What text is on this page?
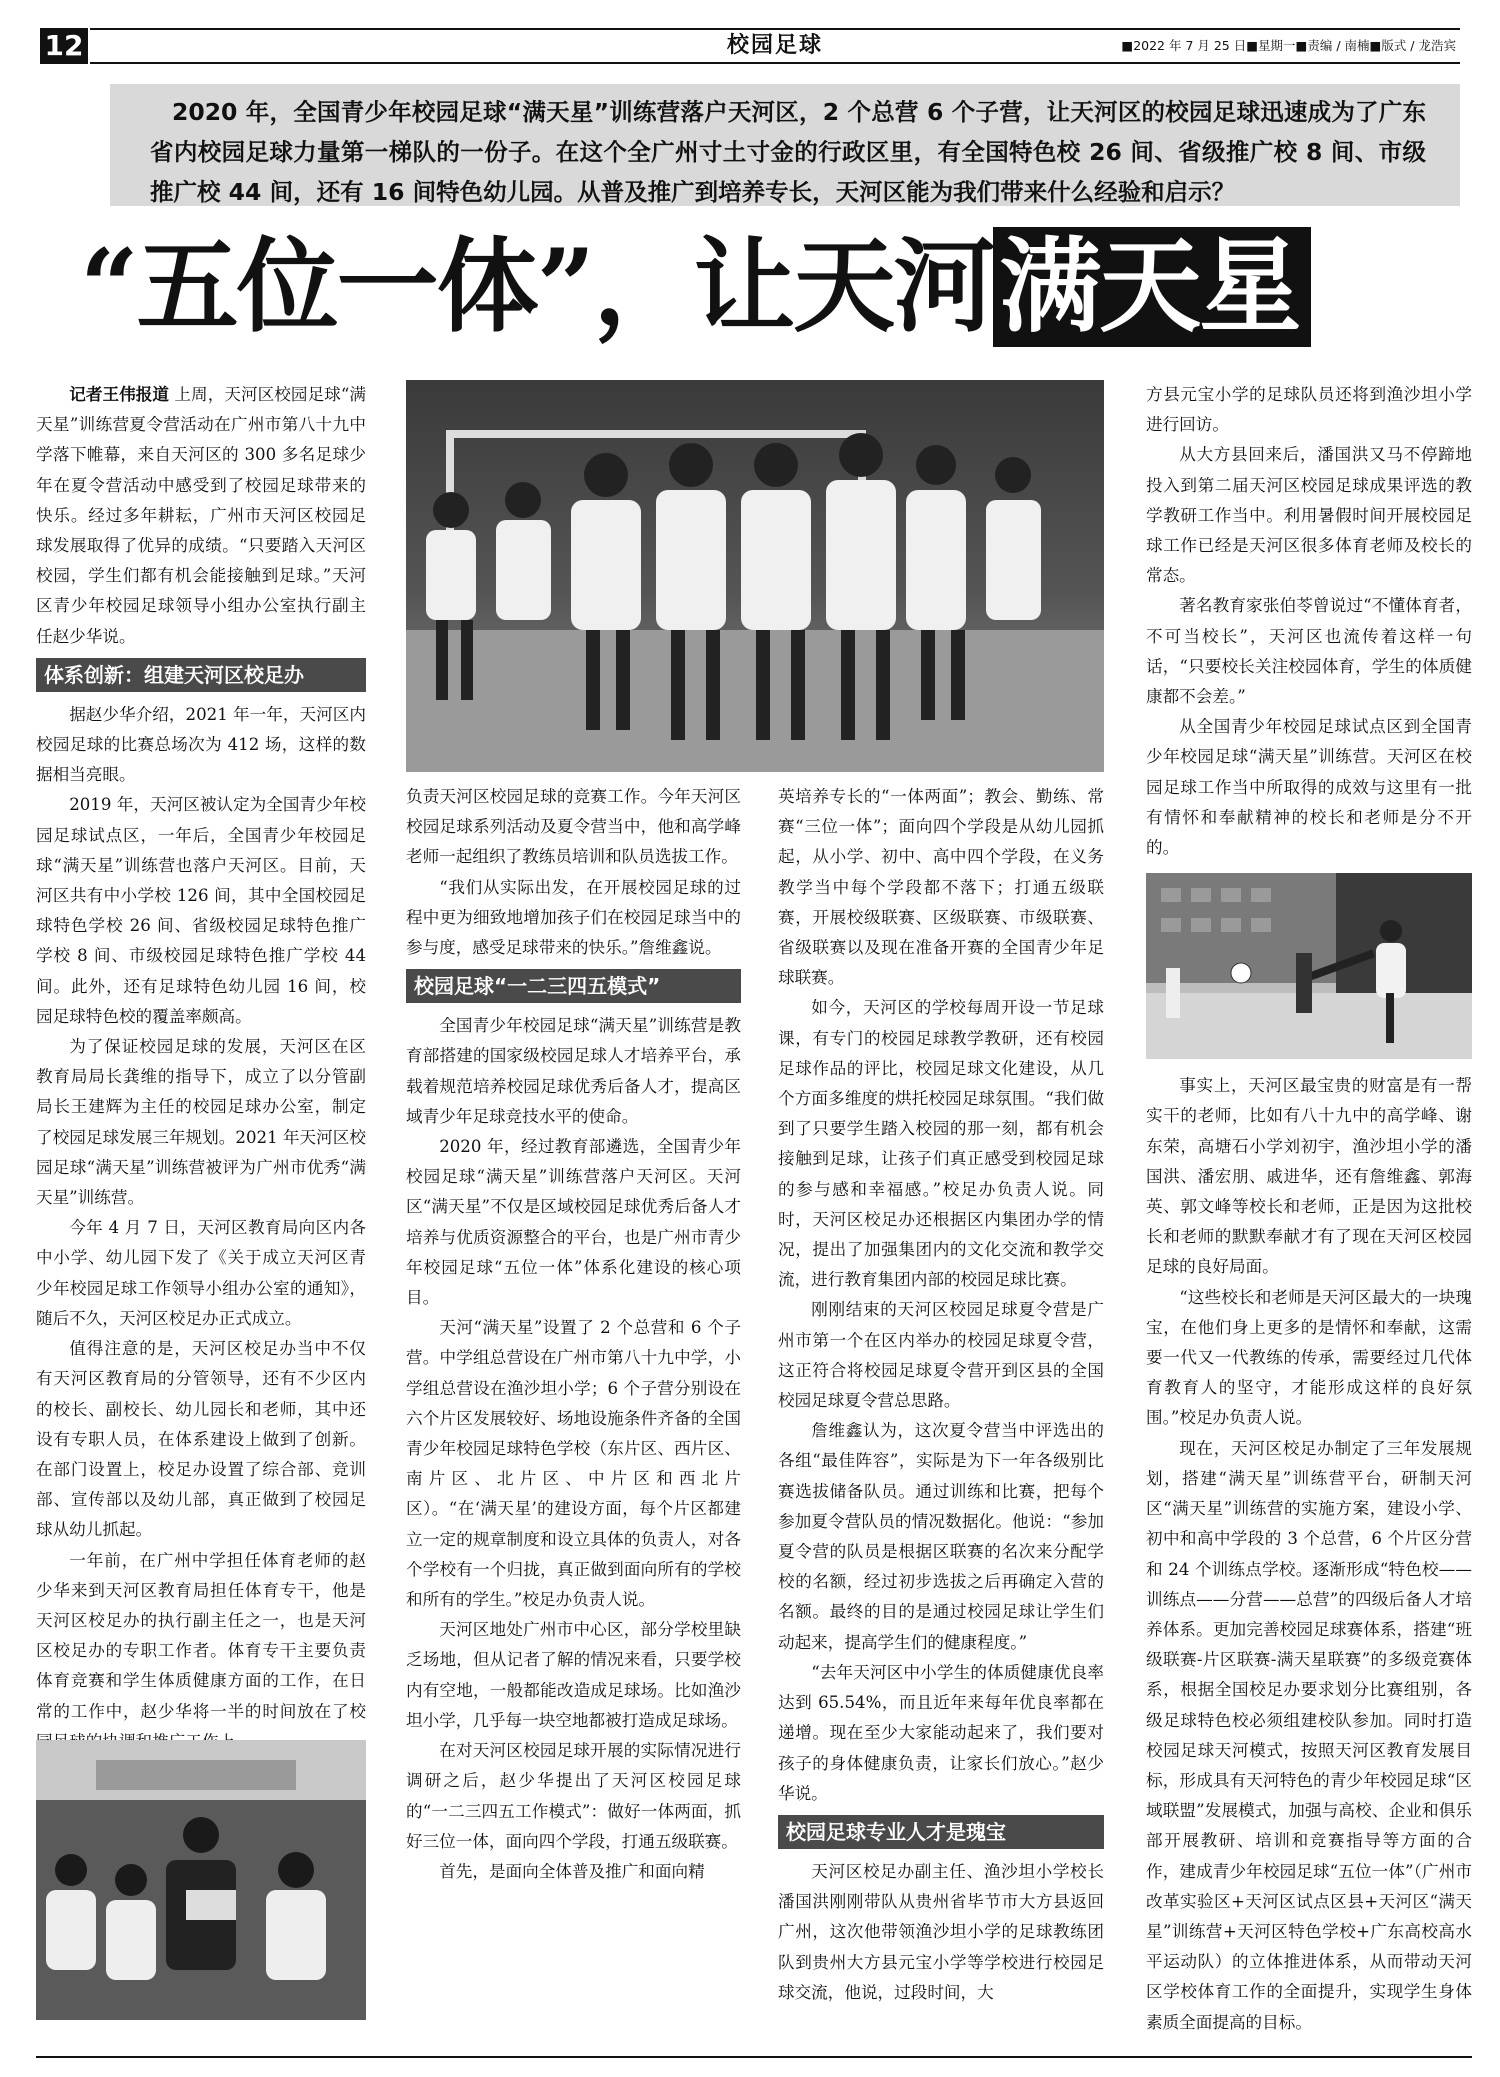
12	校园足球	■2022 年 7 月 25 日■星期一■责编 / 南楠■版式 / 龙浩宾
2020 年，全国青少年校园足球“满天星”训练营落户天河区，2 个总营 6 个子营，让天河区的校园足球迅速成为了广东省内校园足球力量第一梯队的一份子。在这个全广州寸土寸金的行政区里，有全国特色校 26 间、省级推广校 8 间、市级推广校 44 间，还有 16 间特色幼儿园。从普及推广到培养专长，天河区能为我们带来什么经验和启示？
“五位一体”，让天河满天星

记者王伟报道 上周，天河区校园足球“满天星”训练营夏令营活动在广州市第八十九中学落下帷幕，来自天河区的 300 多名足球少年在夏令营活动中感受到了校园足球带来的快乐。经过多年耕耘，广州市天河区校园足球发展取得了优异的成绩。“只要踏入天河区校园，学生们都有机会能接触到足球。”天河区青少年校园足球领导小组办公室执行副主任赵少华说。

体系创新：组建天河区校足办

据赵少华介绍，2021 年一年，天河区内校园足球的比赛总场次为 412 场，这样的数据相当亮眼。

2019 年，天河区被认定为全国青少年校园足球试点区，一年后，全国青少年校园足球“满天星”训练营也落户天河区。目前，天河区共有中小学校 126 间，其中全国校园足球特色学校 26 间、省级校园足球特色推广学校 8 间、市级校园足球特色推广学校 44 间。此外，还有足球特色幼儿园 16 间，校园足球特色校的覆盖率颇高。

为了保证校园足球的发展，天河区在区教育局局长龚维的指导下，成立了以分管副局长王建辉为主任的校园足球办公室，制定了校园足球发展三年规划。2021 年天河区校园足球“满天星”训练营被评为广州市优秀“满天星”训练营。

今年 4 月 7 日，天河区教育局向区内各中小学、幼儿园下发了《关于成立天河区青少年校园足球工作领导小组办公室的通知》，随后不久，天河区校足办正式成立。

值得注意的是，天河区校足办当中不仅有天河区教育局的分管领导，还有不少区内的校长、副校长、幼儿园长和老师，其中还设有专职人员，在体系建设上做到了创新。在部门设置上，校足办设置了综合部、竞训部、宣传部以及幼儿部，真正做到了校园足球从幼儿抓起。

一年前，在广州中学担任体育老师的赵少华来到天河区教育局担任体育专干，他是天河区校足办的执行副主任之一，也是天河区校足办的专职工作者。体育专干主要负责体育竞赛和学生体质健康方面的工作，在日常的工作中，赵少华将一半的时间放在了校

负责天河区校园足球的竞赛工作。今年天河区校园足球系列活动及夏令营当中，他和高学峰老师一起组织了教练员培训和队员选拔工作。

“我们从实际出发，在开展校园足球的过程中更为细致地增加孩子们在校园足球当中的参与度，感受足球带来的快乐。”詹维鑫说。

校园足球“一二三四五模式”

全国青少年校园足球“满天星”训练营是教育部搭建的国家级校园足球人才培养平台，承载着规范培养校园足球优秀后备人才，提高区域青少年足球竞技水平的使命。

2020 年，经过教育部遴选，全国青少年校园足球“满天星”训练营落户天河区。天河区“满天星”不仅是区域校园足球优秀后备人才培养与优质资源整合的平台，也是广州市青少年校园足球“五位一体”体系化建设的核心项目。

天河“满天星”设置了 2 个总营和 6 个子营。中学组总营设在广州市第八十九中学，小学组总营设在渔沙坦小学；6 个子营分别设在六个片区发展较好、场地设施条件齐备的全国青少年校园足球特色学校（东片区、西片区、南片区、北片区、中片区和西北片区）。“在‘满天星’的建设方面，每个片区都建立一定的规章制度和设立具体的负责人，对各个学校有一个归拢，真正做到面向所有的学校和所有的学生。”校足办负责人说。

天河区地处广州市中心区，部分学校里缺乏场地，但从记者了解的情况来看，只要学校内有空地，一般都能改造成足球场。比如渔沙坦小学，几乎每一块空地都被打造成足球场。

在对天河区校园足球开展的实际情况进行调研之后，赵少华提出了天河区校园足球的“一二三四五工作模式”：做好一体两面，抓好三位一体，面向四个学段，打通五级联赛。

首先，是面向全体普及推广和面向精

英培养专长的“一体两面”；教会、勤练、常赛“三位一体”；面向四个学段是从幼儿园抓起，从小学、初中、高中四个学段，在义务教学当中每个学段都不落下；打通五级联赛，开展校级联赛、区级联赛、市级联赛、省级联赛以及现在准备开赛的全国青少年足球联赛。

如今，天河区的学校每周开设一节足球课，有专门的校园足球教学教研，还有校园足球作品的评比，校园足球文化建设，从几个方面多维度的烘托校园足球氛围。“我们做到了只要学生踏入校园的那一刻，都有机会接触到足球，让孩子们真正感受到校园足球的参与感和幸福感。”校足办负责人说。同时，天河区校足办还根据区内集团办学的情况，提出了加强集团内的文化交流和教学交流，进行教育集团内部的校园足球比赛。

刚刚结束的天河区校园足球夏令营是广州市第一个在区内举办的校园足球夏令营，这正符合将校园足球夏令营开到区县的全国校园足球夏令营总思路。

詹维鑫认为，这次夏令营当中评选出的各组“最佳阵容”，实际是为下一年各级别比赛选拔储备队员。通过训练和比赛，把每个参加夏令营队员的情况数据化。他说：“参加夏令营的队员是根据区联赛的名次来分配学校的名额，经过初步选拔之后再确定入营的名额。最终的目的是通过校园足球让学生们动起来，提高学生们的健康程度。”

“去年天河区中小学生的体质健康优良率达到 65.54%，而且近年来每年优良率都在递增。现在至少大家能动起来了，我们要对孩子的身体健康负责，让家长们放心。”赵少华说。

校园足球专业人才是瑰宝

天河区校足办副主任、渔沙坦小学校长潘国洪刚刚带队从贵州省毕节市大方县返回广州，这次他带领渔沙坦小学的足球教练团队到贵州大方县元宝小学等学校进行校园足球交流，他说，过段时间，大

方县元宝小学的足球队员还将到渔沙坦小学进行回访。

从大方县回来后，潘国洪又马不停蹄地投入到第二届天河区校园足球成果评选的教学教研工作当中。利用暑假时间开展校园足球工作已经是天河区很多体育老师及校长的常态。

著名教育家张伯苓曾说过“不懂体育者，不可当校长”，天河区也流传着这样一句话，“只要校长关注校园体育，学生的体质健康都不会差。”

从全国青少年校园足球试点区到全国青少年校园足球“满天星”训练营。天河区在校园足球工作当中所取得的成效与这里有一批有情怀和奉献精神的校长和老师是分不开的。

事实上，天河区最宝贵的财富是有一帮实干的老师，比如有八十九中的高学峰、谢东荣，高塘石小学刘初宇，渔沙坦小学的潘国洪、潘宏朋、戚进华，还有詹维鑫、郭海英、郭文峰等校长和老师，正是因为这批校长和老师的默默奉献才有了现在天河区校园足球的良好局面。

“这些校长和老师是天河区最大的一块瑰宝，在他们身上更多的是情怀和奉献，这需要一代又一代教练的传承，需要经过几代体育教育人的坚守，才能形成这样的良好氛围。”校足办负责人说。

现在，天河区校足办制定了三年发展规划，搭建“满天星”训练营平台，研制天河区“满天星”训练营的实施方案，建设小学、初中和高中学段的 3 个总营，6 个片区分营和 24 个训练点学校。逐渐形成“特色校——训练点——分营——总营”的四级后备人才培养体系。更加完善校园足球赛体系，搭建“班级联赛-片区联赛-满天星联赛”的多级竞赛体系，根据全国校足办要求划分比赛组别，各级足球特色校必须组建校队参加。同时打造校园足球天河模式，按照天河区教育发展目标，形成具有天河特色的青少年校园足球“区域联盟”发展模式，加强与高校、企业和俱乐部开展教研、培训和竞赛指导等方面的合作，建成青少年校园足球“五位一体”（广州市改革实验区+天河区试点区县+天河区“满天星”训练营+天河区特色学校+广东高校高水平运动队）的立体推进体系，从而带动天河区学校体育工作的全面提升，实现学生身体素质全面提高的目标。
